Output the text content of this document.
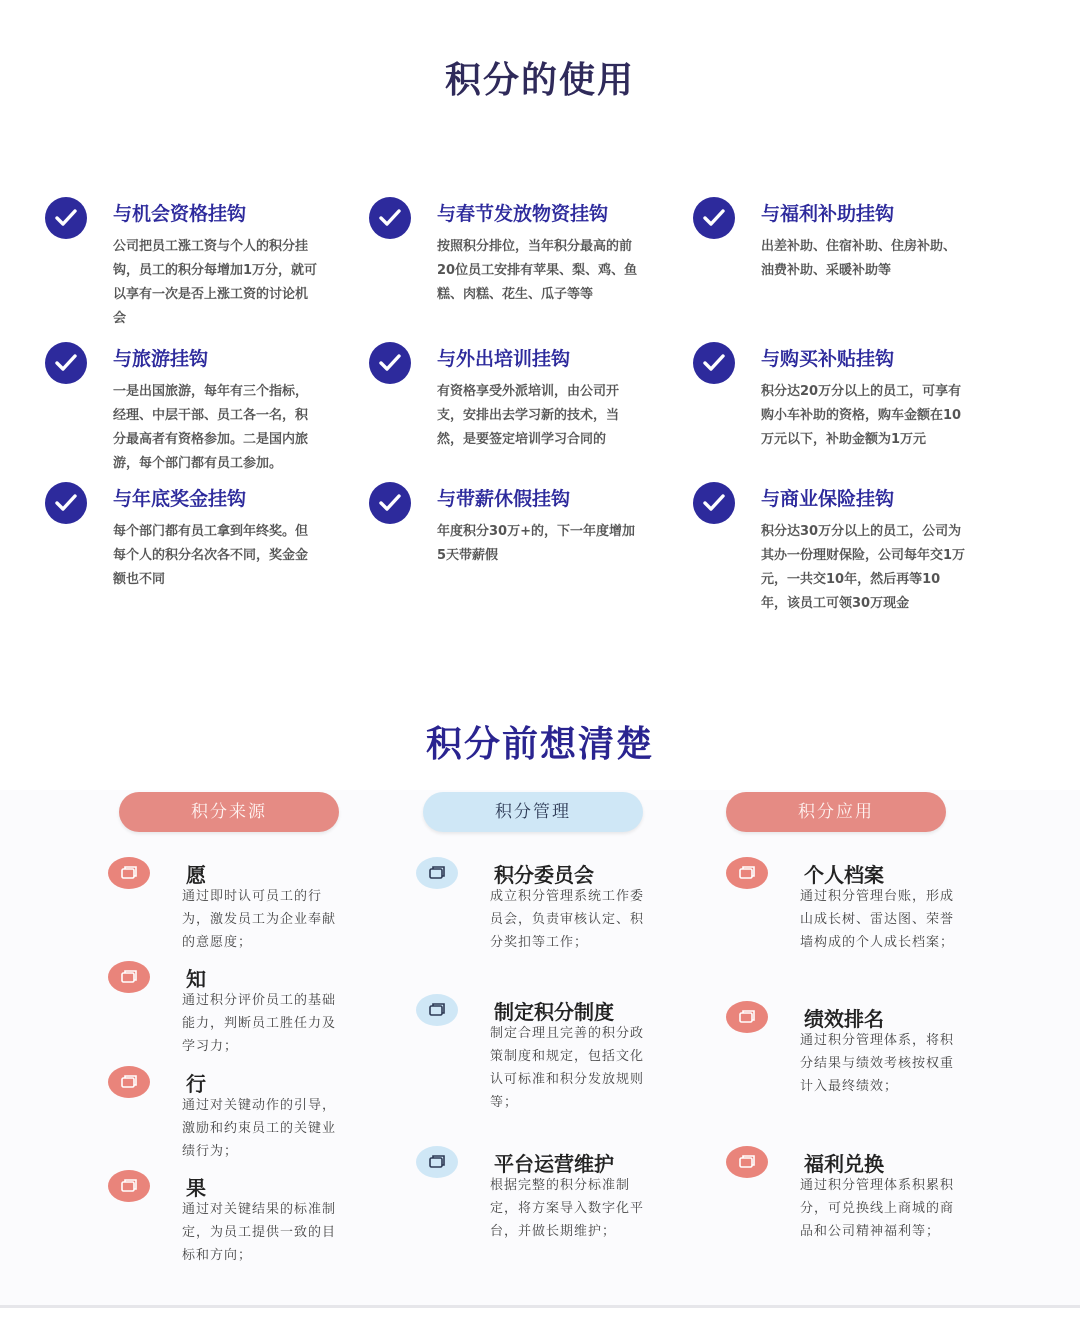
积分的使用
与机会资格挂钩
公司把员工涨工资与个人的积分挂钩，员工的积分每增加1万分，就可以享有一次是否上涨工资的讨论机会
与春节发放物资挂钩
按照积分排位，当年积分最高的前20位员工安排有苹果、梨、鸡、鱼糕、肉糕、花生、瓜子等等
与福利补助挂钩
出差补助、住宿补助、住房补助、油费补助、采暖补助等
与旅游挂钩
一是出国旅游，每年有三个指标，经理、中层干部、员工各一名，积分最高者有资格参加。二是国内旅游，每个部门都有员工参加。
与外出培训挂钩
有资格享受外派培训，由公司开支，安排出去学习新的技术，当然，是要签定培训学习合同的
与购买补贴挂钩
积分达20万分以上的员工，可享有购小车补助的资格，购车金额在10万元以下，补助金额为1万元
与年底奖金挂钩
每个部门都有员工拿到年终奖。但每个人的积分名次各不同，奖金金额也不同
与带薪休假挂钩
年度积分30万+的，下一年度增加5天带薪假
与商业保险挂钩
积分达30万分以上的员工，公司为其办一份理财保险，公司每年交1万元，一共交10年，然后再等10年，该员工可领30万现金
积分前想清楚
积分来源	积分管理	积分应用
愿
通过即时认可员工的行为，激发员工为企业奉献的意愿度；
知
通过积分评价员工的基础能力，判断员工胜任力及学习力；
行
通过对关键动作的引导，激励和约束员工的关键业绩行为；
果
通过对关键结果的标准制定，为员工提供一致的目标和方向；
积分委员会
成立积分管理系统工作委员会，负责审核认定、积分奖扣等工作；
制定积分制度
制定合理且完善的积分政策制度和规定，包括文化认可标准和积分发放规则等；
平台运营维护
根据完整的积分标准制定，将方案导入数字化平台，并做长期维护；
个人档案
通过积分管理台账，形成山成长树、雷达图、荣誉墙构成的个人成长档案；
绩效排名
通过积分管理体系，将积分结果与绩效考核按权重计入最终绩效；
福利兑换
通过积分管理体系积累积分，可兑换线上商城的商品和公司精神福利等；
